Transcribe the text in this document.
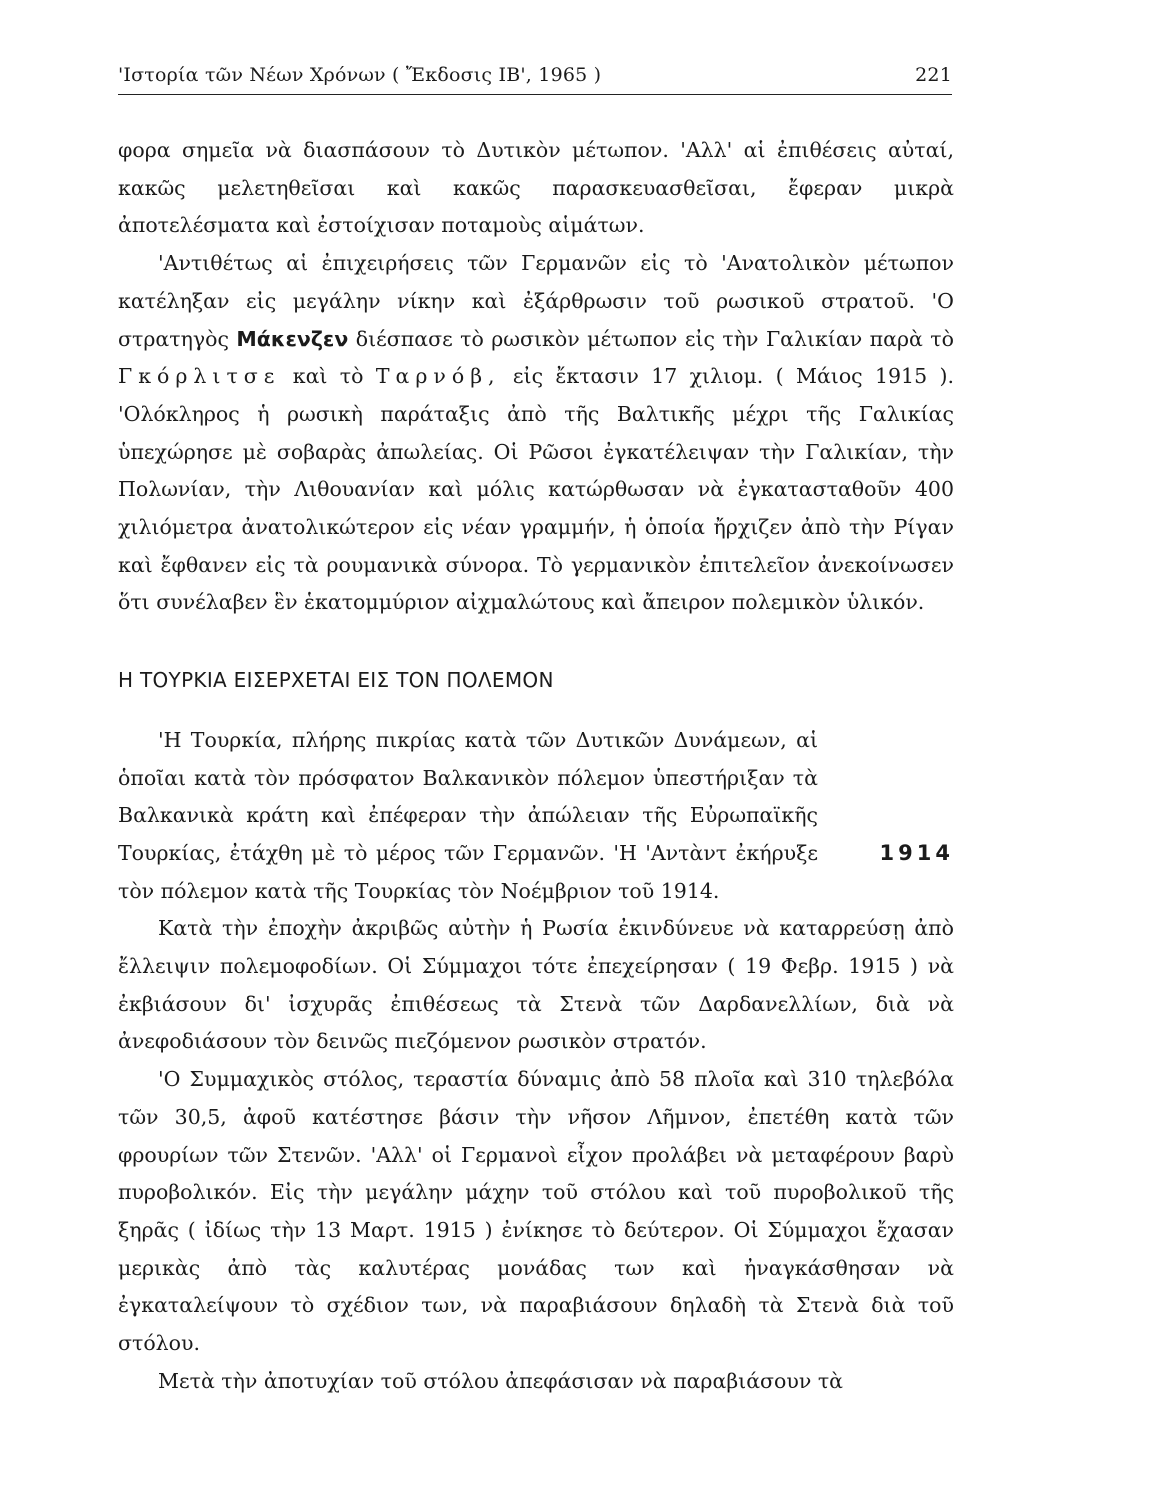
'Ιστορία τῶν Νέων Χρόνων ( Ἔκδοσις ΙΒ', 1965 )	221

φορα σημεῖα νὰ διασπάσουν τὸ Δυτικὸν μέτωπον. 'Αλλ' αἱ ἐπιθέσεις αὐταί, κακῶς μελετηθεῖσαι καὶ κακῶς παρασκευασθεῖσαι, ἔφεραν μικρὰ ἀποτελέσματα καὶ ἐστοίχισαν ποταμοὺς αἱμάτων.

'Αντιθέτως αἱ ἐπιχειρήσεις τῶν Γερμανῶν εἰς τὸ 'Ανατολικὸν μέτωπον κατέληξαν εἰς μεγάλην νίκην καὶ ἐξάρθρωσιν τοῦ ρωσικοῦ στρατοῦ. 'Ο στρατηγὸς Μάκενζεν διέσπασε τὸ ρωσικὸν μέτωπον εἰς τὴν Γαλικίαν παρὰ τὸ Γκόρλιτσε καὶ τὸ Ταρνόβ, εἰς ἔκτασιν 17 χιλιομ. ( Μάιος 1915 ). 'Ολόκληρος ἡ ρωσικὴ παράταξις ἀπὸ τῆς Βαλτικῆς μέχρι τῆς Γαλικίας ὑπεχώρησε μὲ σοβαρὰς ἀπωλείας. Οἱ Ρῶσοι ἐγκατέλειψαν τὴν Γαλικίαν, τὴν Πολωνίαν, τὴν Λιθουανίαν καὶ μόλις κατώρθωσαν νὰ ἐγκατασταθοῦν 400 χιλιόμετρα ἀνατολικώτερον εἰς νέαν γραμμήν, ἡ ὁποία ἤρχιζεν ἀπὸ τὴν Ρίγαν καὶ ἔφθανεν εἰς τὰ ρουμανικὰ σύνορα. Τὸ γερμανικὸν ἐπιτελεῖον ἀνεκοίνωσεν ὅτι συνέλαβεν ἓν ἑκατομμύριον αἰχμαλώτους καὶ ἄπειρον πολεμικὸν ὑλικόν.

Η ΤΟΥΡΚΙΑ ΕΙΣΕΡΧΕΤΑΙ ΕΙΣ ΤΟΝ ΠΟΛΕΜΟΝ

'Η Τουρκία, πλήρης πικρίας κατὰ τῶν Δυτικῶν Δυνάμεων, αἱ ὁποῖαι κατὰ τὸν πρόσφατον Βαλκανικὸν πόλεμον ὑπεστήριξαν τὰ Βαλκανικὰ κράτη καὶ ἐπέφεραν τὴν ἀπώλειαν τῆς Εὐρωπαϊκῆς Τουρκίας, ἐτάχθη μὲ τὸ μέρος τῶν Γερμανῶν. 'Η 'Αντὰντ ἐκήρυξε τὸν πόλεμον κατὰ τῆς Τουρκίας τὸν Νοέμβριον τοῦ 1914.

1914

Κατὰ τὴν ἐποχὴν ἀκριβῶς αὐτὴν ἡ Ρωσία ἐκινδύνευε νὰ καταρρεύσῃ ἀπὸ ἔλλειψιν πολεμοφοδίων. Οἱ Σύμμαχοι τότε ἐπεχείρησαν ( 19 Φεβρ. 1915 ) νὰ ἐκβιάσουν δι' ἰσχυρᾶς ἐπιθέσεως τὰ Στενὰ τῶν Δαρδανελλίων, διὰ νὰ ἀνεφοδιάσουν τὸν δεινῶς πιεζόμενον ρωσικὸν στρατόν.

'Ο Συμμαχικὸς στόλος, τεραστία δύναμις ἀπὸ 58 πλοῖα καὶ 310 τηλεβόλα τῶν 30,5, ἀφοῦ κατέστησε βάσιν τὴν νῆσον Λῆμνον, ἐπετέθη κατὰ τῶν φρουρίων τῶν Στενῶν. 'Αλλ' οἱ Γερμανοὶ εἶχον προλάβει νὰ μεταφέρουν βαρὺ πυροβολικόν. Εἰς τὴν μεγάλην μάχην τοῦ στόλου καὶ τοῦ πυροβολικοῦ τῆς ξηρᾶς ( ἰδίως τὴν 13 Μαρτ. 1915 ) ἐνίκησε τὸ δεύτερον. Οἱ Σύμμαχοι ἔχασαν μερικὰς ἀπὸ τὰς καλυτέρας μονάδας των καὶ ἠναγκάσθησαν νὰ ἐγκαταλείψουν τὸ σχέδιον των, νὰ παραβιάσουν δηλαδὴ τὰ Στενὰ διὰ τοῦ στόλου.

Μετὰ τὴν ἀποτυχίαν τοῦ στόλου ἀπεφάσισαν νὰ παραβιάσουν τὰ
